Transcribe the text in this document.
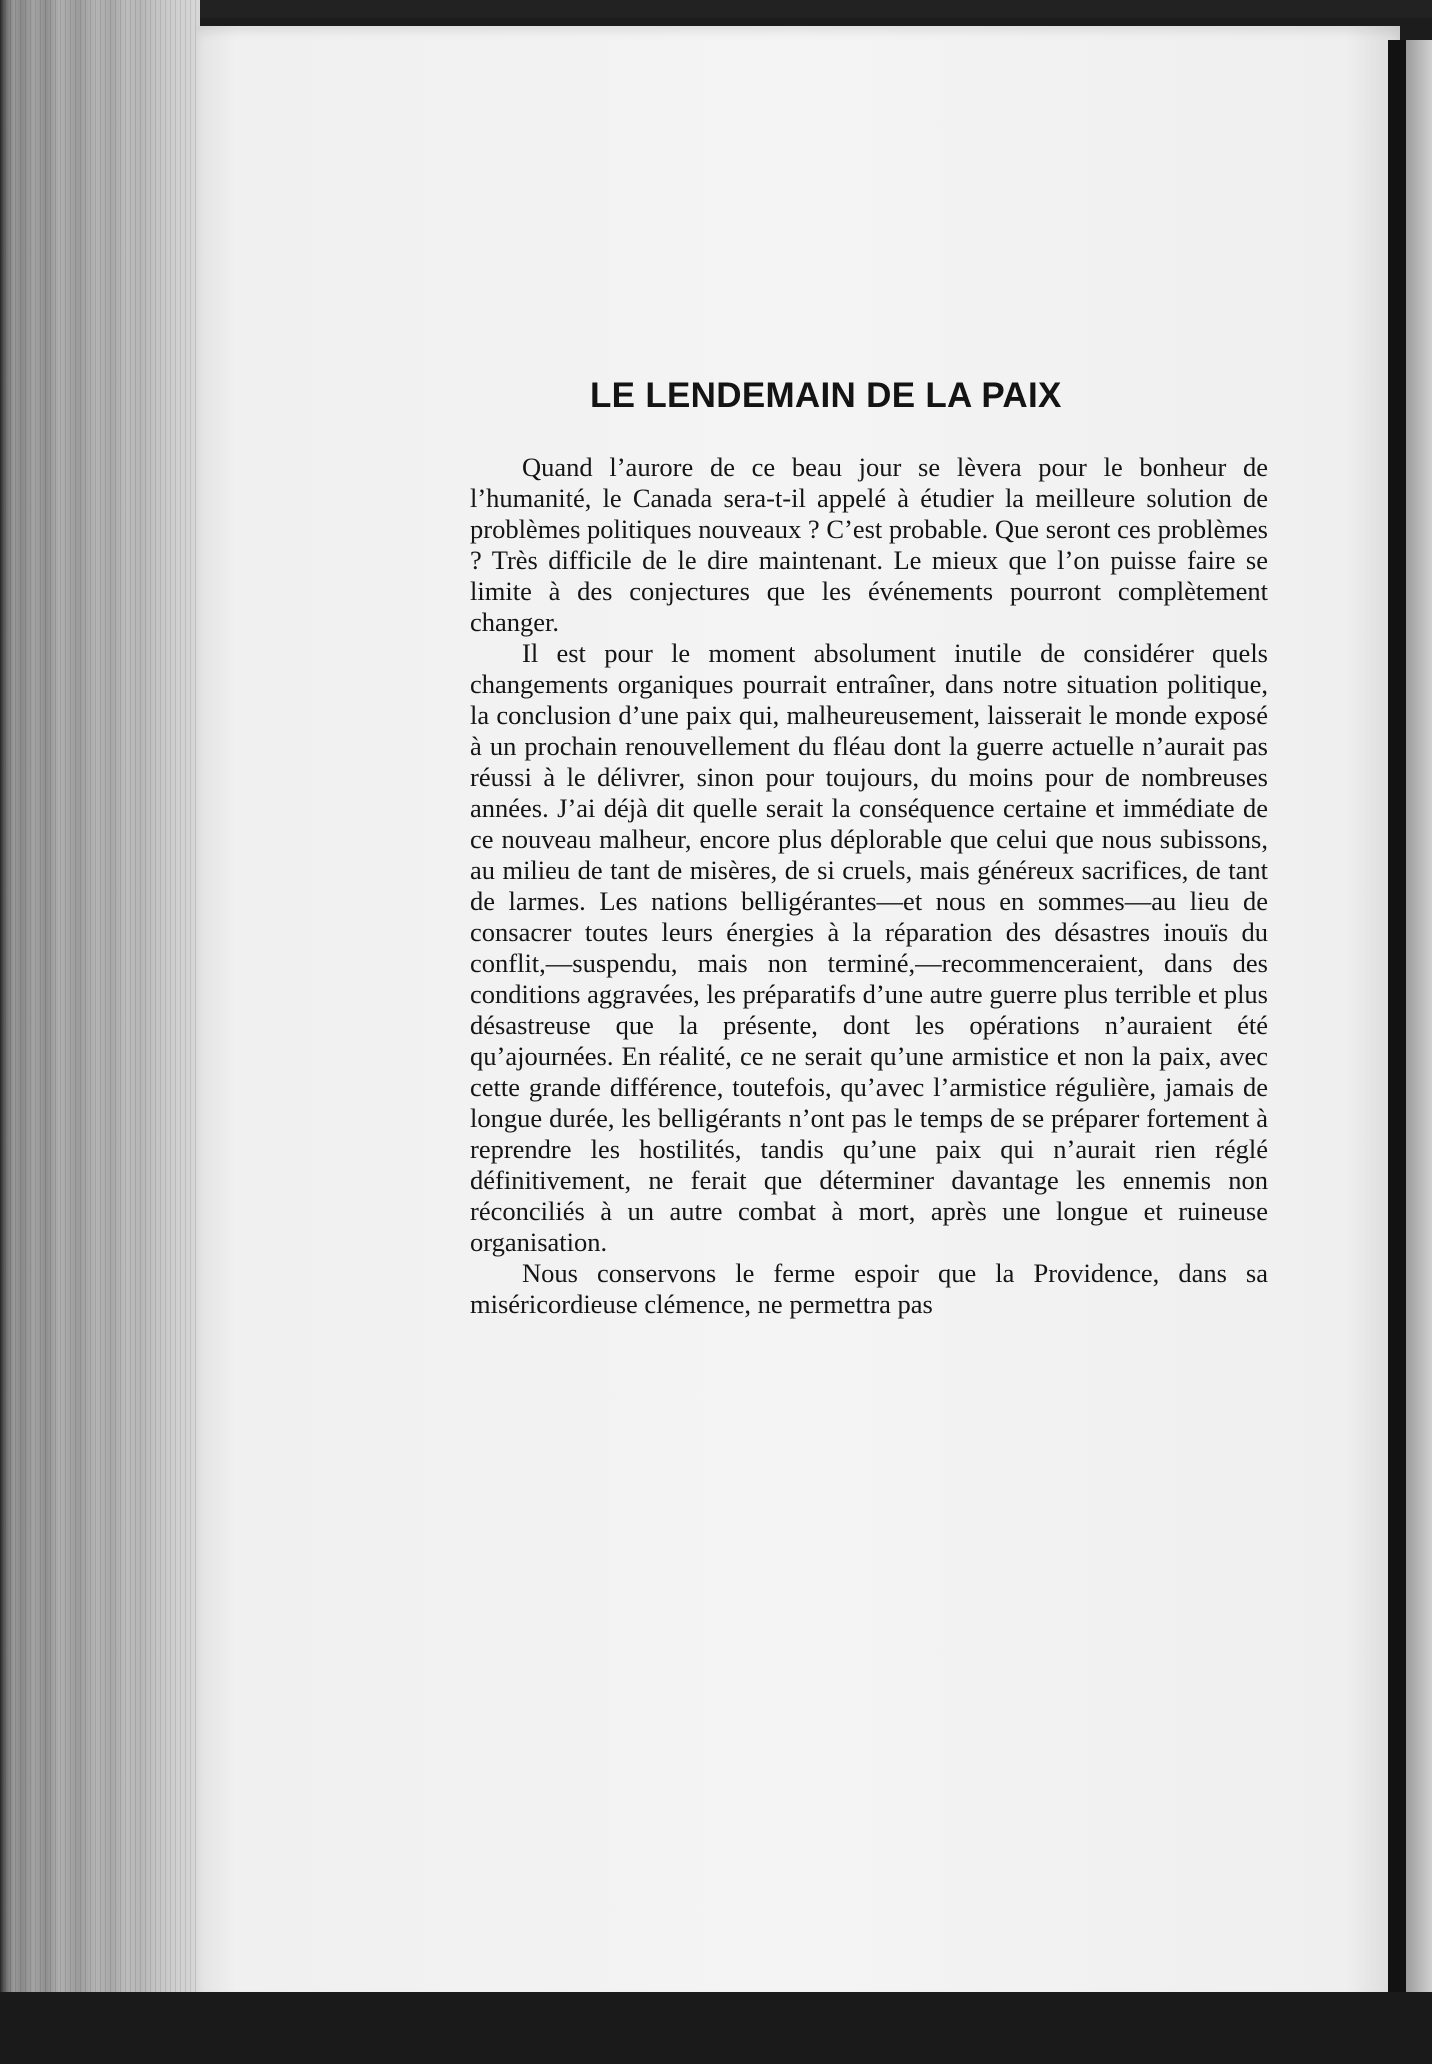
LE LENDEMAIN DE LA PAIX

Quand l’aurore de ce beau jour se lèvera pour le bonheur de l’humanité, le Canada sera-t-il appelé à étudier la meilleure solution de problèmes politiques nouveaux ? C’est probable. Que seront ces problèmes ? Très difficile de le dire maintenant. Le mieux que l’on puisse faire se limite à des conjectures que les événements pourront complètement changer.

Il est pour le moment absolument inutile de considérer quels changements organiques pourrait entraîner, dans notre situation politique, la conclusion d’une paix qui, malheureusement, laisserait le monde exposé à un prochain renouvellement du fléau dont la guerre actuelle n’aurait pas réussi à le délivrer, sinon pour toujours, du moins pour de nombreuses années. J’ai déjà dit quelle serait la conséquence certaine et immédiate de ce nouveau malheur, encore plus déplorable que celui que nous subissons, au milieu de tant de misères, de si cruels, mais généreux sacrifices, de tant de larmes. Les nations belligérantes—et nous en sommes—au lieu de consacrer toutes leurs énergies à la réparation des désastres inouïs du conflit,—suspendu, mais non terminé,—recommenceraient, dans des conditions aggravées, les préparatifs d’une autre guerre plus terrible et plus désastreuse que la présente, dont les opérations n’auraient été qu’ajournées. En réalité, ce ne serait qu’une armistice et non la paix, avec cette grande différence, toutefois, qu’avec l’armistice régulière, jamais de longue durée, les belligérants n’ont pas le temps de se préparer fortement à reprendre les hostilités, tandis qu’une paix qui n’aurait rien réglé définitivement, ne ferait que déterminer davantage les ennemis non réconciliés à un autre combat à mort, après une longue et ruineuse organisation.

Nous conservons le ferme espoir que la Providence, dans sa miséricordieuse clémence, ne permettra pas
